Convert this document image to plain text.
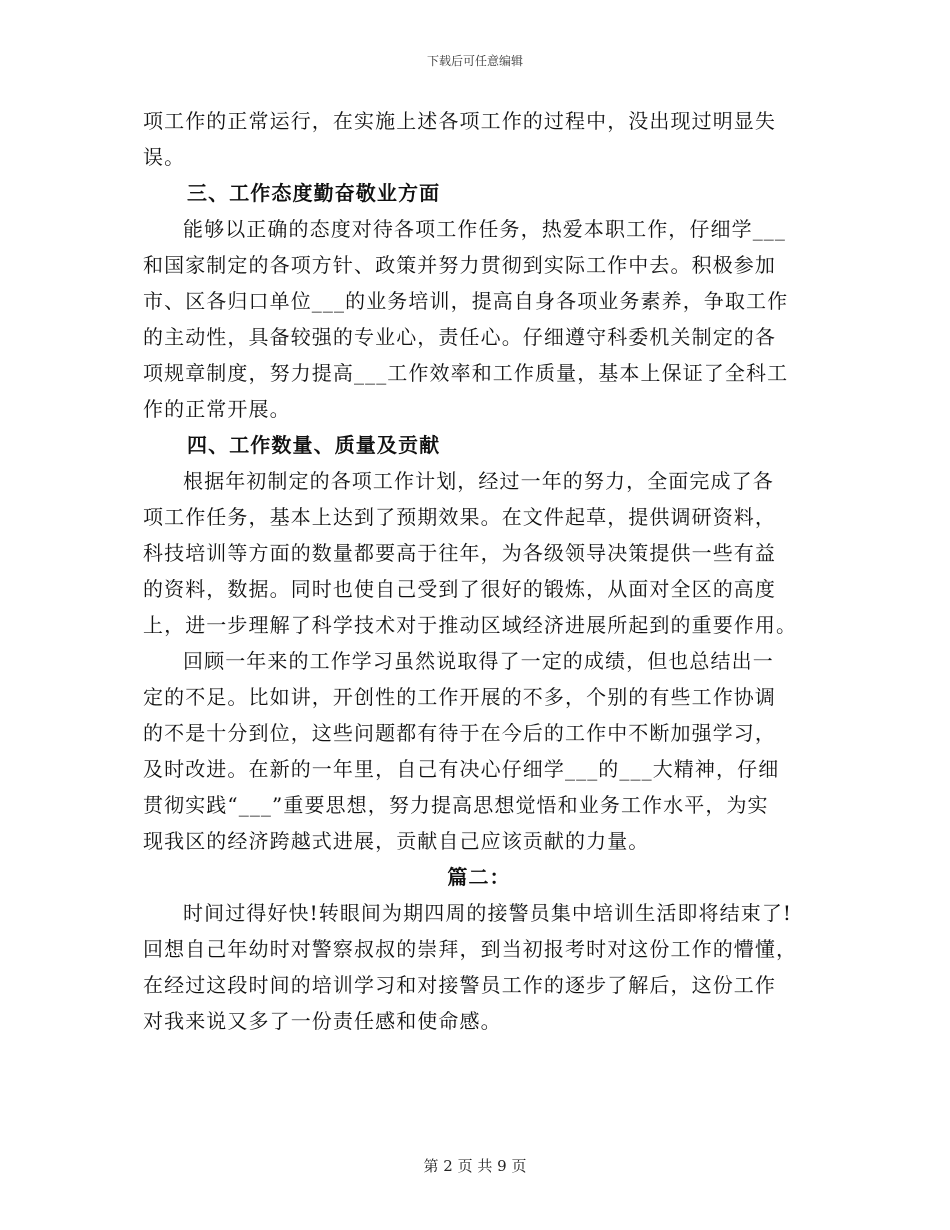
下载后可任意编辑
项工作的正常运行，在实施上述各项工作的过程中，没出现过明显失
误。
三、工作态度勤奋敬业方面
能够以正确的态度对待各项工作任务，热爱本职工作，仔细学___
和国家制定的各项方针、政策并努力贯彻到实际工作中去。积极参加
市、区各归口单位___的业务培训，提高自身各项业务素养，争取工作
的主动性，具备较强的专业心，责任心。仔细遵守科委机关制定的各
项规章制度，努力提高___工作效率和工作质量，基本上保证了全科工
作的正常开展。
四、工作数量、质量及贡献
根据年初制定的各项工作计划，经过一年的努力，全面完成了各
项工作任务，基本上达到了预期效果。在文件起草，提供调研资料，
科技培训等方面的数量都要高于往年，为各级领导决策提供一些有益
的资料，数据。同时也使自己受到了很好的锻炼，从面对全区的高度
上，进一步理解了科学技术对于推动区域经济进展所起到的重要作用。
回顾一年来的工作学习虽然说取得了一定的成绩，但也总结出一
定的不足。比如讲，开创性的工作开展的不多，个别的有些工作协调
的不是十分到位，这些问题都有待于在今后的工作中不断加强学习，
及时改进。在新的一年里，自己有决心仔细学___的___大精神，仔细
贯彻实践“___”重要思想，努力提高思想觉悟和业务工作水平，为实
现我区的经济跨越式进展，贡献自己应该贡献的力量。
篇二：
时间过得好快!转眼间为期四周的接警员集中培训生活即将结束了!
回想自己年幼时对警察叔叔的崇拜，到当初报考时对这份工作的懵懂，
在经过这段时间的培训学习和对接警员工作的逐步了解后，这份工作
对我来说又多了一份责任感和使命感。
第 2 页 共 9 页
